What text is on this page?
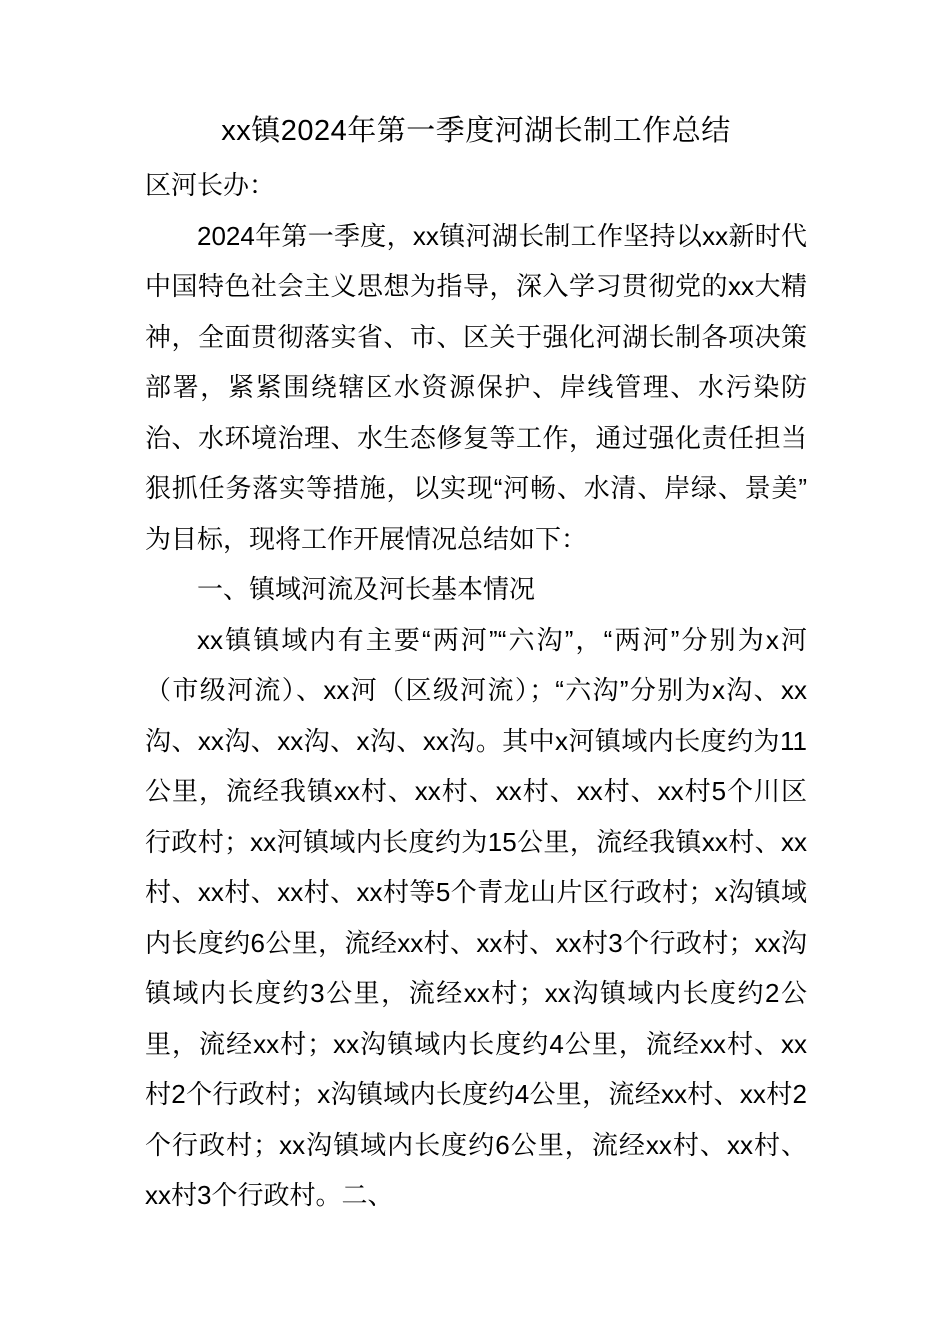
xx镇2024年第一季度河湖长制工作总结

区河长办：

2024年第一季度，xx镇河湖长制工作坚持以xx新时代中国特色社会主义思想为指导，深入学习贯彻党的xx大精神，全面贯彻落实省、市、区关于强化河湖长制各项决策部署，紧紧围绕辖区水资源保护、岸线管理、水污染防治、水环境治理、水生态修复等工作，通过强化责任担当狠抓任务落实等措施，以实现“河畅、水清、岸绿、景美”为目标，现将工作开展情况总结如下：

一、镇域河流及河长基本情况

xx镇镇域内有主要“两河”“六沟”，“两河”分别为x河（市级河流）、xx河（区级河流）；“六沟”分别为x沟、xx沟、xx沟、xx沟、x沟、xx沟。其中x河镇域内长度约为11公里，流经我镇xx村、xx村、xx村、xx村、xx村5个川区行政村；xx河镇域内长度约为15公里，流经我镇xx村、xx村、xx村、xx村、xx村等5个青龙山片区行政村；x沟镇域内长度约6公里，流经xx村、xx村、xx村3个行政村；xx沟镇域内长度约3公里，流经xx村；xx沟镇域内长度约2公里，流经xx村；xx沟镇域内长度约4公里，流经xx村、xx村2个行政村；x沟镇域内长度约4公里，流经xx村、xx村2个行政村；xx沟镇域内长度约6公里，流经xx村、xx村、xx村3个行政村。二、
